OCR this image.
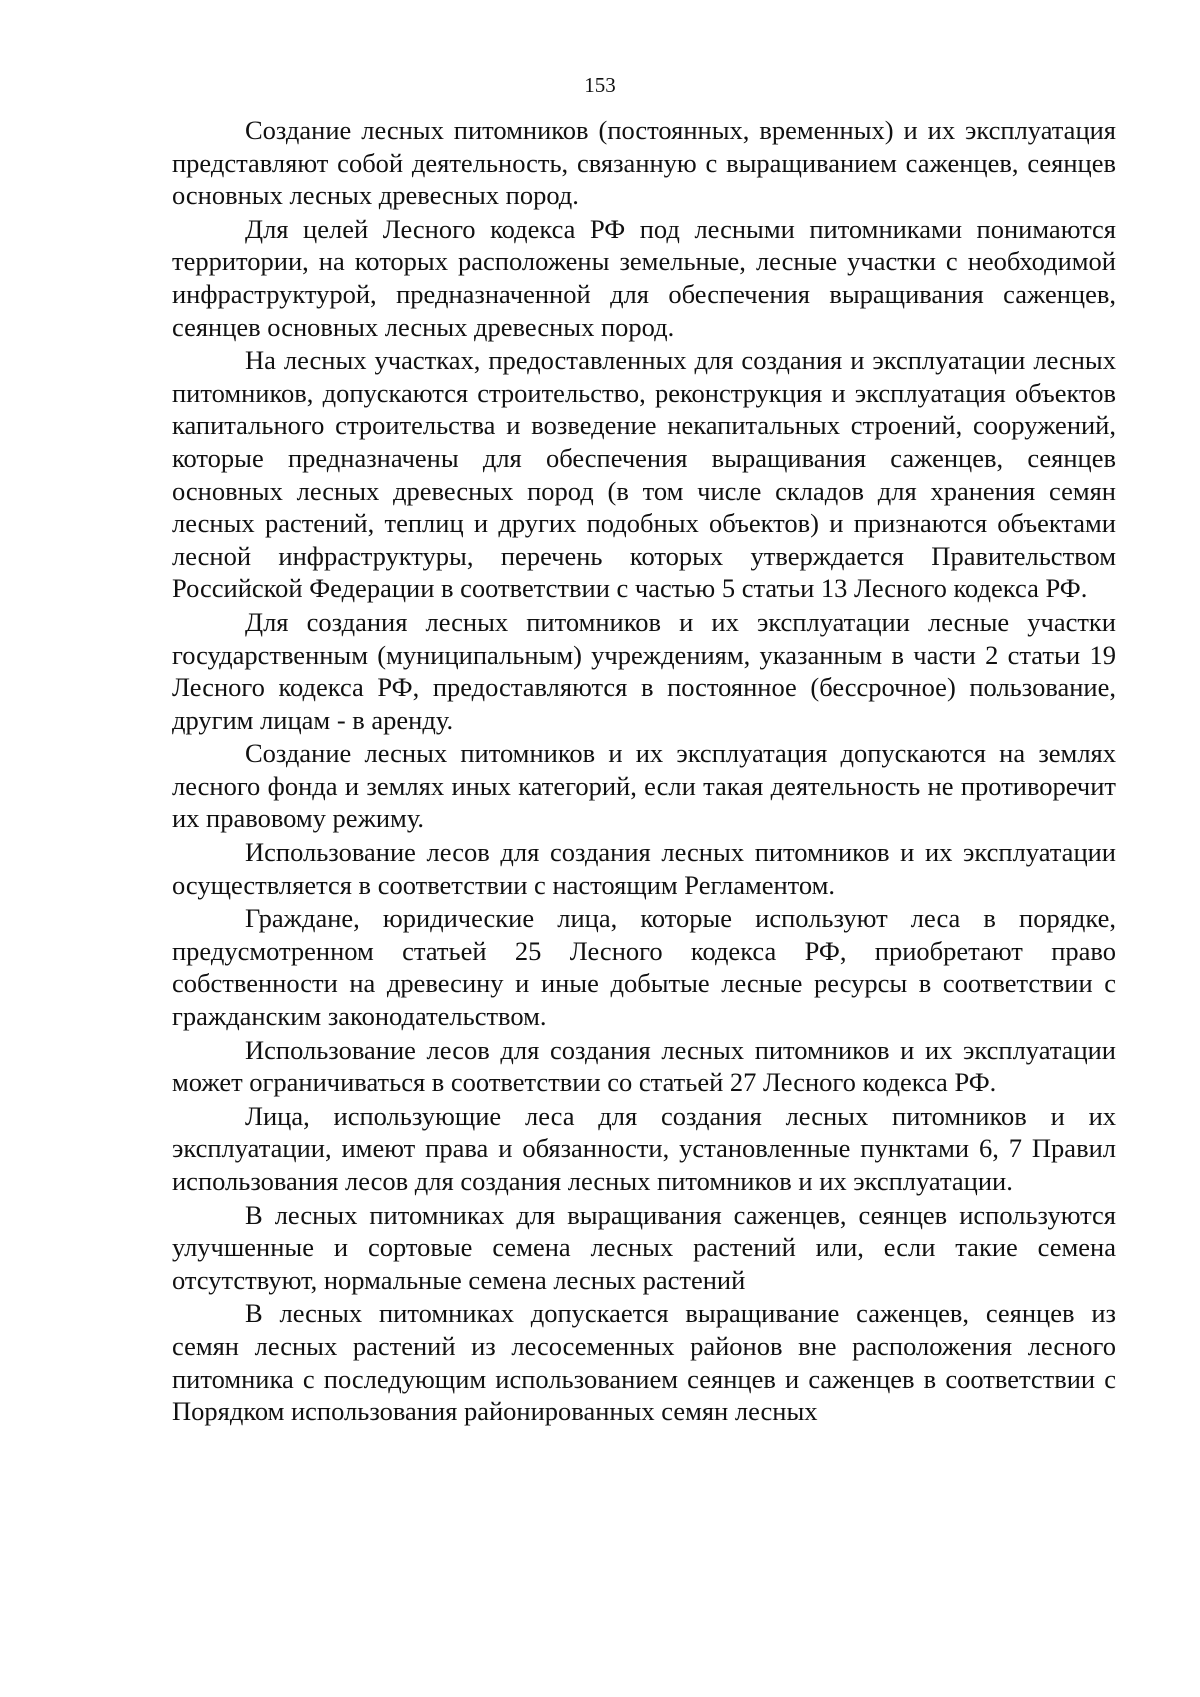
153

Создание лесных питомников (постоянных, временных) и их эксплуатация представляют собой деятельность, связанную с выращиванием саженцев, сеянцев основных лесных древесных пород.

Для целей Лесного кодекса РФ под лесными питомниками понимаются территории, на которых расположены земельные, лесные участки с необходимой инфраструктурой, предназначенной для обеспечения выращивания саженцев, сеянцев основных лесных древесных пород.

На лесных участках, предоставленных для создания и эксплуатации лесных питомников, допускаются строительство, реконструкция и эксплуатация объектов капитального строительства и возведение некапитальных строений, сооружений, которые предназначены для обеспечения выращивания саженцев, сеянцев основных лесных древесных пород (в том числе складов для хранения семян лесных растений, теплиц и других подобных объектов) и признаются объектами лесной инфраструктуры, перечень которых утверждается Правительством Российской Федерации в соответствии с частью 5 статьи 13 Лесного кодекса РФ.

Для создания лесных питомников и их эксплуатации лесные участки государственным (муниципальным) учреждениям, указанным в части 2 статьи 19 Лесного кодекса РФ, предоставляются в постоянное (бессрочное) пользование, другим лицам - в аренду.

Создание лесных питомников и их эксплуатация допускаются на землях лесного фонда и землях иных категорий, если такая деятельность не противоречит их правовому режиму.

Использование лесов для создания лесных питомников и их эксплуатации осуществляется в соответствии с настоящим Регламентом.

Граждане, юридические лица, которые используют леса в порядке, предусмотренном статьей 25 Лесного кодекса РФ, приобретают право собственности на древесину и иные добытые лесные ресурсы в соответствии с гражданским законодательством.

Использование лесов для создания лесных питомников и их эксплуатации может ограничиваться в соответствии со статьей 27 Лесного кодекса РФ.

Лица, использующие леса для создания лесных питомников и их эксплуатации, имеют права и обязанности, установленные пунктами 6, 7 Правил использования лесов для создания лесных питомников и их эксплуатации.

В лесных питомниках для выращивания саженцев, сеянцев используются улучшенные и сортовые семена лесных растений или, если такие семена отсутствуют, нормальные семена лесных растений

В лесных питомниках допускается выращивание саженцев, сеянцев из семян лесных растений из лесосеменных районов вне расположения лесного питомника с последующим использованием сеянцев и саженцев в соответствии с Порядком использования районированных семян лесных
